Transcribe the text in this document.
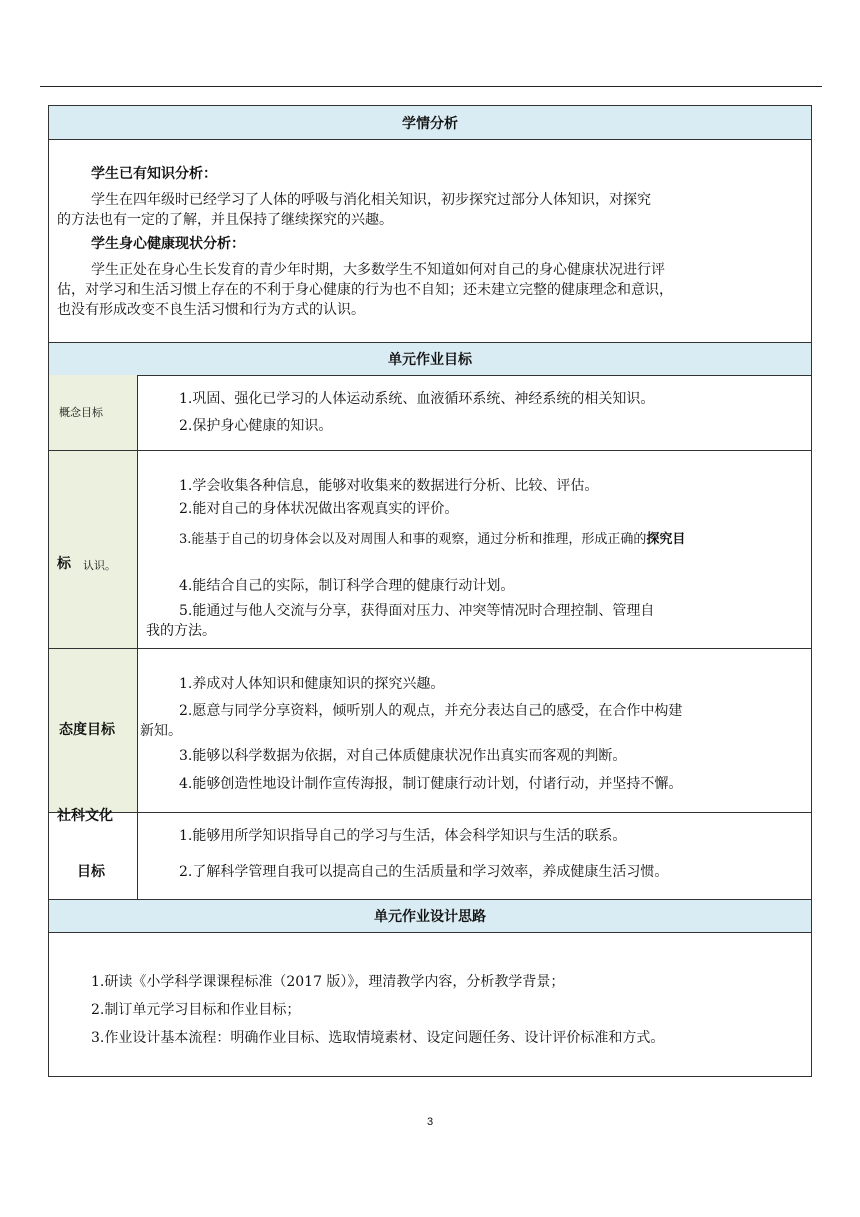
学情分析
学生已有知识分析：
学生在四年级时已经学习了人体的呼吸与消化相关知识，初步探究过部分人体知识，对探究
的方法也有一定的了解，并且保持了继续探究的兴趣。
学生身心健康现状分析：
学生正处在身心生长发育的青少年时期，大多数学生不知道如何对自己的身心健康状况进行评
估，对学习和生活习惯上存在的不利于身心健康的行为也不自知；还未建立完整的健康理念和意识，
也没有形成改变不良生活习惯和行为方式的认识。
单元作业目标
概念目标
1.巩固、强化已学习的人体运动系统、血液循环系统、神经系统的相关知识。
2.保护身心健康的知识。
标 认识。
1.学会收集各种信息，能够对收集来的数据进行分析、比较、评估。
2.能对自己的身体状况做出客观真实的评价。
3.能基于自己的切身体会以及对周围人和事的观察，通过分析和推理，形成正确的探究目
4.能结合自己的实际，制订科学合理的健康行动计划。
5.能通过与他人交流与分享，获得面对压力、冲突等情况时合理控制、管理自
我的方法。
态度目标
1.养成对人体知识和健康知识的探究兴趣。
2.愿意与同学分享资料，倾听别人的观点，并充分表达自己的感受，在合作中构建
新知。
3.能够以科学数据为依据，对自己体质健康状况作出真实而客观的判断。
4.能够创造性地设计制作宣传海报，制订健康行动计划，付诸行动，并坚持不懈。
社科文化
目标
1.能够用所学知识指导自己的学习与生活，体会科学知识与生活的联系。
2.了解科学管理自我可以提高自己的生活质量和学习效率，养成健康生活习惯。
单元作业设计思路
1.研读《小学科学课课程标准（2017 版）》，理清教学内容，分析教学背景；
2.制订单元学习目标和作业目标；
3.作业设计基本流程：明确作业目标、选取情境素材、设定问题任务、设计评价标准和方式。
3
